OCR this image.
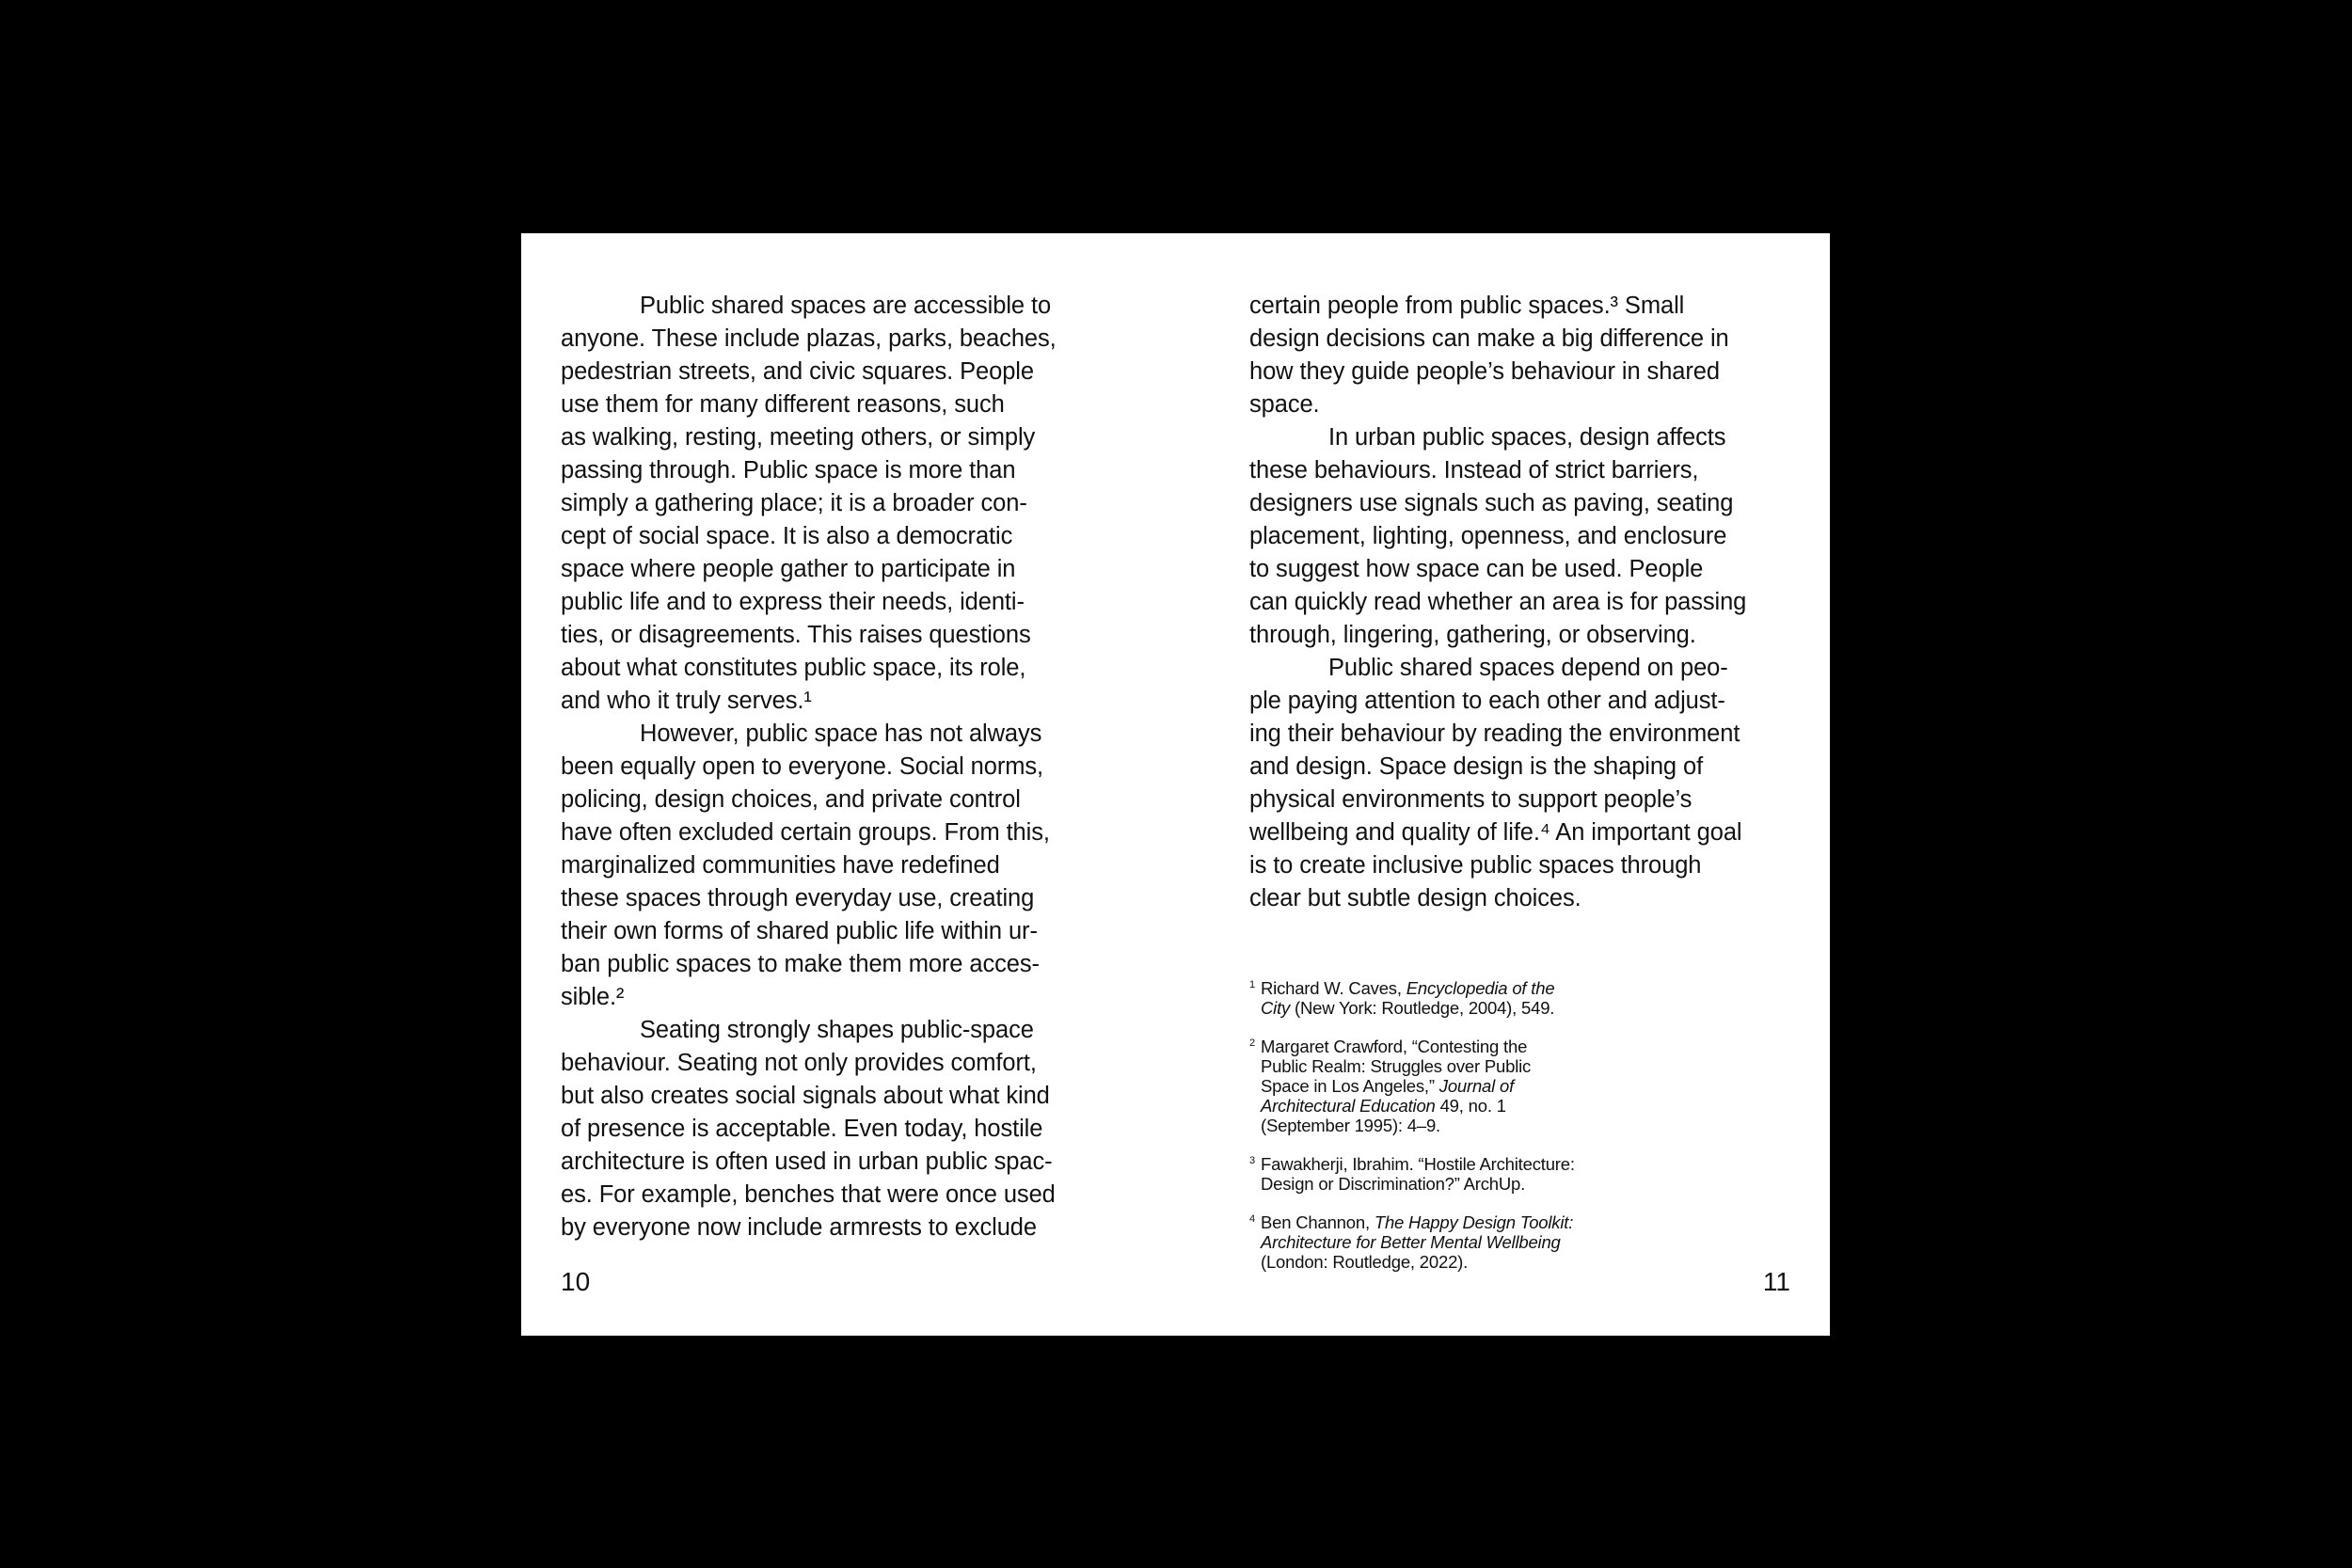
Public shared spaces are accessible to
anyone. These include plazas, parks, beaches,
pedestrian streets, and civic squares. People
use them for many different reasons, such
as walking, resting, meeting others, or simply
passing through. Public space is more than
simply a gathering place; it is a broader con-
cept of social space. It is also a democratic
space where people gather to participate in
public life and to express their needs, identi-
ties, or disagreements. This raises questions
about what constitutes public space, its role,
and who it truly serves.¹
However, public space has not always
been equally open to everyone. Social norms,
policing, design choices, and private control
have often excluded certain groups. From this,
marginalized communities have redefined
these spaces through everyday use, creating
their own forms of shared public life within ur-
ban public spaces to make them more acces-
sible.²
Seating strongly shapes public-space
behaviour. Seating not only provides comfort,
but also creates social signals about what kind
of presence is acceptable. Even today, hostile
architecture is often used in urban public spac-
es. For example, benches that were once used
by everyone now include armrests to exclude
10
certain people from public spaces.³ Small
design decisions can make a big difference in
how they guide people’s behaviour in shared
space.
In urban public spaces, design affects
these behaviours. Instead of strict barriers,
designers use signals such as paving, seating
placement, lighting, openness, and enclosure
to suggest how space can be used. People
can quickly read whether an area is for passing
through, lingering, gathering, or observing.
Public shared spaces depend on peo-
ple paying attention to each other and adjust-
ing their behaviour by reading the environment
and design. Space design is the shaping of
physical environments to support people’s
wellbeing and quality of life.⁴ An important goal
is to create inclusive public spaces through
clear but subtle design choices.
1 Richard W. Caves, Encyclopedia of the
City (New York: Routledge, 2004), 549.
2 Margaret Crawford, “Contesting the
Public Realm: Struggles over Public
Space in Los Angeles,” Journal of
Architectural Education 49, no. 1
(September 1995): 4–9.
3 Fawakherji, Ibrahim. “Hostile Architecture:
Design or Discrimination?” ArchUp.
4 Ben Channon, The Happy Design Toolkit:
Architecture for Better Mental Wellbeing
(London: Routledge, 2022).
11
